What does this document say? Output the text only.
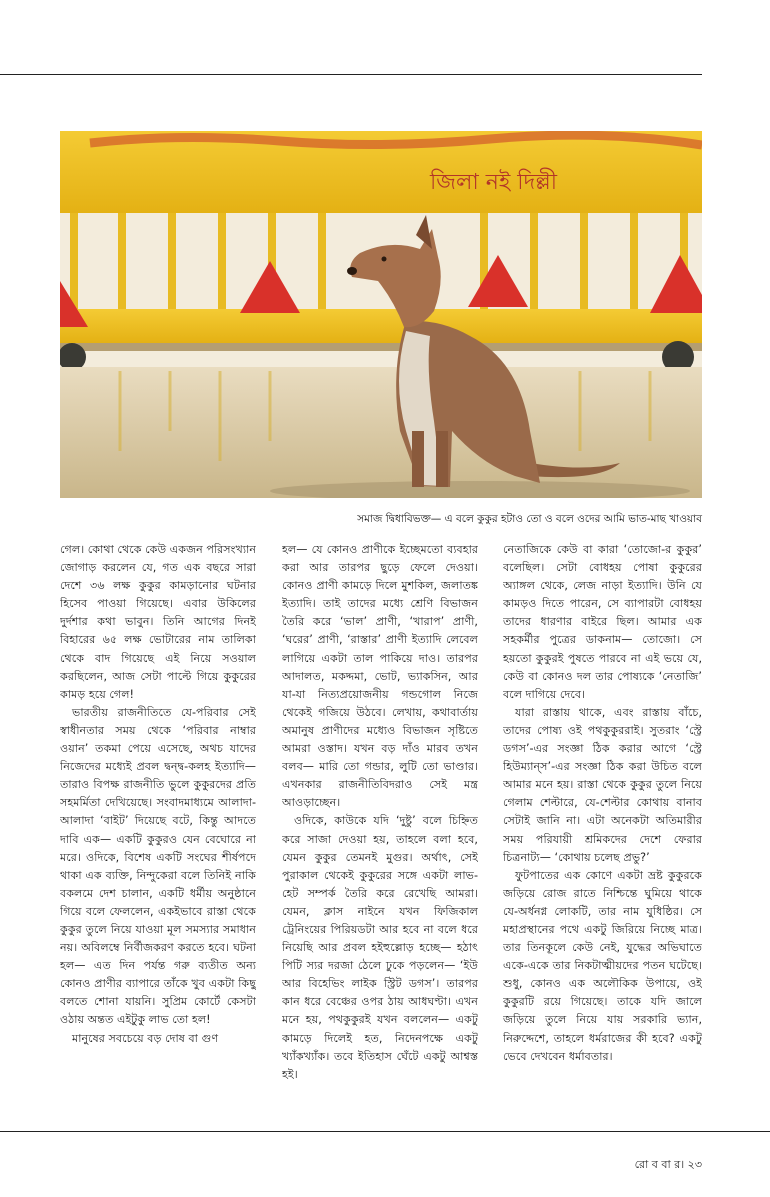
জিলা নই দিল্লী
সমাজ দ্বিধাবিভক্ত— এ বলে কুকুর হটাও তো ও বলে ওদের আমি ভাত-মাছ খাওয়াব

গেল। কোথা থেকে কেউ একজন পরিসংখ্যান জোগাড় করলেন যে, গত এক বছরে সারা দেশে ৩৬ লক্ষ কুকুর কামড়ানোর ঘটনার হিসেব পাওয়া গিয়েছে। এবার উকিলের দুর্দশার কথা ভাবুন। তিনি আগের দিনই বিহারের ৬৫ লক্ষ ভোটারের নাম তালিকা থেকে বাদ গিয়েছে এই নিয়ে সওয়াল করছিলেন, আজ সেটা পাল্টে গিয়ে কুকুরের কামড় হয়ে গেল!

ভারতীয় রাজনীতিতে যে-পরিবার সেই স্বাধীনতার সময় থেকে ‘পরিবার নাম্বার ওয়ান’ তকমা পেয়ে এসেছে, অথচ যাদের নিজেদের মধ্যেই প্রবল দ্বন্দ্ব-কলহ ইত্যাদি— তারাও বিপক্ষ রাজনীতি ভুলে কুকুরদের প্রতি সহমর্মিতা দেখিয়েছে। সংবাদমাধ্যমে আলাদা-আলাদা ‘বাইট’ দিয়েছে বটে, কিন্তু আদতে দাবি এক— একটি কুকুরও যেন বেঘোরে না মরে। ওদিকে, বিশেষ একটি সংঘের শীর্ষপদে থাকা এক ব্যক্তি, নিন্দুকেরা বলে তিনিই নাকি বকলমে দেশ চালান, একটি ধর্মীয় অনুষ্ঠানে গিয়ে বলে ফেললেন, একইভাবে রাস্তা থেকে কুকুর তুলে নিয়ে যাওয়া মূল সমস্যার সমাধান নয়। অবিলম্বে নির্বীজকরণ করতে হবে। ঘটনা হল— এত দিন পর্যন্ত গরু ব্যতীত অন্য কোনও প্রাণীর ব্যাপারে তাঁকে খুব একটা কিছু বলতে শোনা যায়নি। সুপ্রিম কোর্টে কেসটা ওঠায় অন্তত এইটুকু লাভ তো হল!

মানুষের সবচেয়ে বড় দোষ বা গুণ

হল— যে কোনও প্রাণীকে ইচ্ছেমতো ব্যবহার করা আর তারপর ছুড়ে ফেলে দেওয়া। কোনও প্রাণী কামড়ে দিলে মুশকিল, জলাতঙ্ক ইত্যাদি। তাই তাদের মধ্যে শ্রেণি বিভাজন তৈরি করে ‘ভাল’ প্রাণী, ‘খারাপ’ প্রাণী, ‘ঘরের’ প্রাণী, ‘রাস্তার’ প্রাণী ইত্যাদি লেবেল লাগিয়ে একটা তাল পাকিয়ে দাও। তারপর আদালত, মকদ্দমা, ভোট, ভ্যাকসিন, আর যা-যা নিত্যপ্রয়োজনীয় গন্ডগোল নিজে থেকেই গজিয়ে উঠবে। লেখায়, কথাবার্তায় অমানুষ প্রাণীদের মধ্যেও বিভাজন সৃষ্টিতে আমরা ওস্তাদ। যখন বড় দাঁও মারব তখন বলব— মারি তো গন্ডার, লুটি তো ভাণ্ডার। এখনকার রাজনীতিবিদরাও সেই মন্ত্র আওড়াচ্ছেন।

ওদিকে, কাউকে যদি ‘দুষ্টু’ বলে চিহ্নিত করে সাজা দেওয়া হয়, তাহলে বলা হবে, যেমন কুকুর তেমনই মুগুর। অর্থাৎ, সেই পুরাকাল থেকেই কুকুরের সঙ্গে একটা লাভ-হেট সম্পর্ক তৈরি করে রেখেছি আমরা। যেমন, ক্লাস নাইনে যখন ফিজিকাল ট্রেনিংয়ের পিরিয়ডটা আর হবে না বলে ধরে নিয়েছি আর প্রবল হইহুল্লোড় হচ্ছে— হঠাৎ পিটি স্যর দরজা ঠেলে ঢুকে পড়লেন— ‘ইউ আর বিহেভিং লাইক স্ট্রিট ডগস’। তারপর কান ধরে বেঞ্চের ওপর ঠায় আধঘণ্টা। এখন মনে হয়, পথকুকুরই যখন বললেন— একটু কামড়ে দিলেই হত, নিদেনপক্ষে একটু খ্যাঁকখ্যাঁক। তবে ইতিহাস ঘেঁটে একটু আশ্বস্ত হই।

নেতাজিকে কেউ বা কারা ‘তোজো-র কুকুর’ বলেছিল। সেটা বোধহয় পোষা কুকুরের অ্যাঙ্গল থেকে, লেজ নাড়া ইত্যাদি। উনি যে কামড়ও দিতে পারেন, সে ব্যাপারটা বোধহয় তাদের ধারণার বাইরে ছিল। আমার এক সহকর্মীর পুত্রের ডাকনাম— তোজো। সে হয়তো কুকুরই পুষতে পারবে না এই ভয়ে যে, কেউ বা কোনও দল তার পোষ্যকে ‘নেতাজি’ বলে দাগিয়ে দেবে।

যারা রাস্তায় থাকে, এবং রাস্তায় বাঁচে, তাদের পোষ্য ওই পথকুকুররাই। সুতরাং ‘স্ট্রে ডগস’-এর সংজ্ঞা ঠিক করার আগে ‘স্ট্রে হিউম্যান্‌স’-এর সংজ্ঞা ঠিক করা উচিত বলে আমার মনে হয়। রাস্তা থেকে কুকুর তুলে নিয়ে গেলাম শেল্টারে, যে-শেল্টার কোথায় বানাব সেটাই জানি না। এটা অনেকটা অতিমারীর সময় পরিযায়ী শ্রমিকদের দেশে ফেরার চিত্রনাট্য— ‘কোথায় চলেছ প্রভু?’

ফুটপাতের এক কোণে একটা ভ্রষ্ট কুকুরকে জড়িয়ে রোজ রাতে নিশ্চিন্তে ঘুমিয়ে থাকে যে-অর্ধনগ্ন লোকটি, তার নাম যুধিষ্ঠির। সে মহাপ্রস্থানের পথে একটু জিরিয়ে নিচ্ছে মাত্র। তার তিনকূলে কেউ নেই, যুদ্ধের অভিঘাতে একে-একে তার নিকটাত্মীয়দের পতন ঘটেছে। শুধু, কোনও এক অলৌকিক উপায়ে, ওই কুকুরটি রয়ে গিয়েছে। তাকে যদি জালে জড়িয়ে তুলে নিয়ে যায় সরকারি ভ্যান, নিরুদ্দেশে, তাহলে ধর্মরাজের কী হবে? একটু ভেবে দেখবেন ধর্মাবতার।

রো ব বা র। ২৩
